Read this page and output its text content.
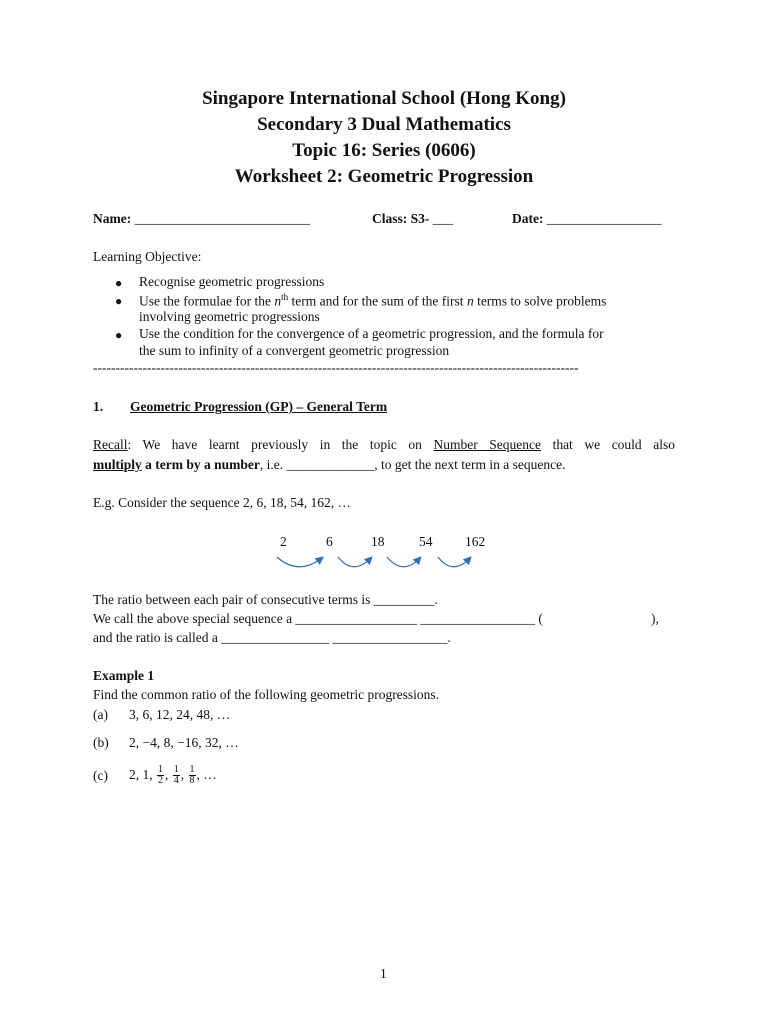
Singapore International School (Hong Kong)
Secondary 3 Dual Mathematics
Topic 16: Series (0606)
Worksheet 2: Geometric Progression
Name: __________________________	Class: S3- ___	Date: _________________
Learning Objective:
● Recognise geometric progressions
● Use the formulae for the $n^{th}$ term and for the sum of the first n terms to solve problems
involving geometric progressions
● Use the condition for the convergence of a geometric progression, and the formula for
the sum to infinity of a convergent geometric progression
------------------------------------------------------------------------------------------------------------
1. Geometric Progression (GP) – General Term
Recall: We have learnt previously in the topic on Number Sequence that we could also
multiply a term by a number, i.e. _____________, to get the next term in a sequence.
E.g. Consider the sequence 2, 6, 18, 54, 162, …
2	6	18	54 162
The ratio between each pair of consecutive terms is _________.
We call the above special sequence a __________________ _________________ (	),
and the ratio is called a ________________ _________________.
Example 1
Find the common ratio of the following geometric progressions.
(a) 3, 6, 12, 24, 48, …
(b) 2, −4, 8, −16, 32, …
(c) 2, 1, $\frac{1}{2}$ , $\frac{1}{4}$ , $\frac{1}{8}$ , …
1
